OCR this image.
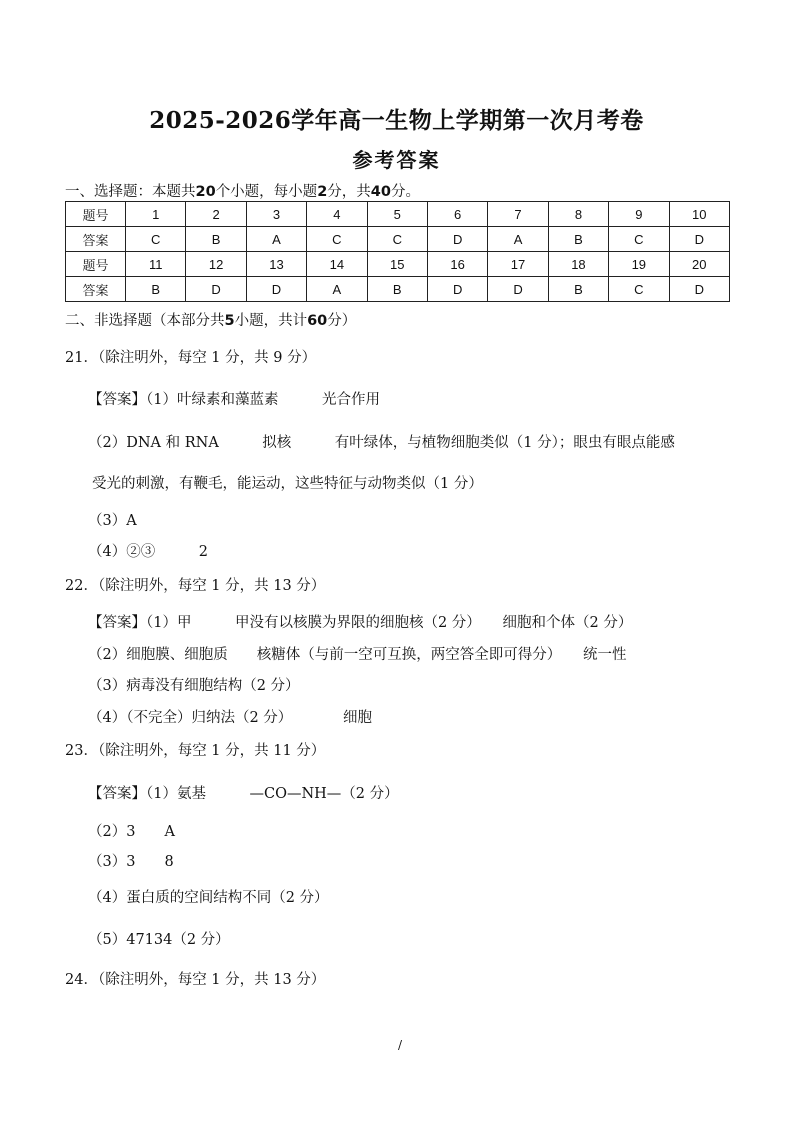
2025-2026学年高一生物上学期第一次月考卷
参考答案
一、选择题：本题共20个小题，每小题2分，共40分。
题号	1	2	3	4	5	6	7	8	9	10
答案	C	B	A	C	C	D	A	B	C	D
题号	11	12	13	14	15	16	17	18	19	20
答案	B	D	D	A	B	D	D	B	C	D
二、非选择题（本部分共5小题，共计60分）
21．（除注明外，每空 1 分，共 9 分）
【答案】（1）叶绿素和藻蓝素　　　光合作用
（2）DNA 和 RNA　　　拟核　　　有叶绿体，与植物细胞类似（1 分）；眼虫有眼点能感
受光的刺激，有鞭毛，能运动，这些特征与动物类似（1 分）
（3）A
（4）②③　　　2
22．（除注明外，每空 1 分，共 13 分）
【答案】（1）甲　　　甲没有以核膜为界限的细胞核（2 分）　　细胞和个体（2 分）
（2）细胞膜、细胞质　　核糖体（与前一空可互换，两空答全即可得分）　　统一性
（3）病毒没有细胞结构（2 分）
（4）（不完全）归纳法（2 分）　　　　细胞
23．（除注明外，每空 1 分，共 11 分）
【答案】（1）氨基　　　—CO—NH—（2 分）
（2）3　　A
（3）3　　8
（4）蛋白质的空间结构不同（2 分）
（5）47134（2 分）
24．（除注明外，每空 1 分，共 13 分）
/
